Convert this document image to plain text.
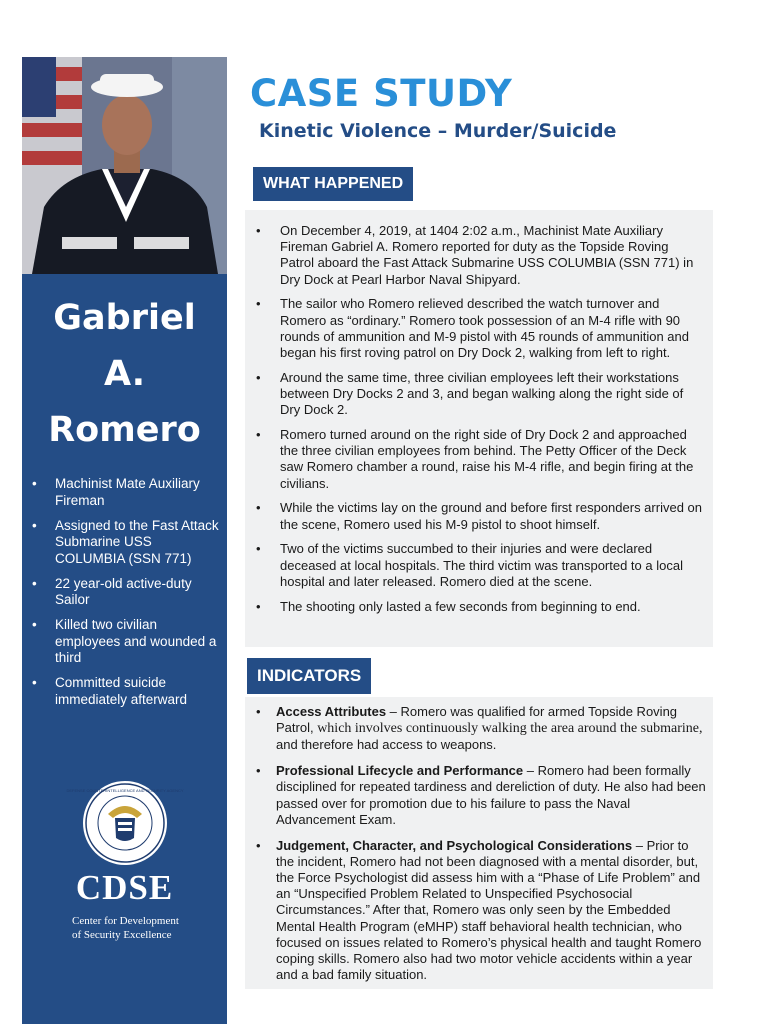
Gabriel
A.
Romero
• Machinist Mate Auxiliary Fireman
• Assigned to the Fast Attack Submarine USS COLUMBIA (SSN 771)
• 22 year-old active-duty Sailor
• Killed two civilian employees and wounded a third
• Committed suicide immediately afterward
DEFENSE COUNTERINTELLIGENCE AND SECURITY AGENCY
CDSE
Center for Development
of Security Excellence
CASE STUDY
Kinetic Violence – Murder/Suicide
WHAT HAPPENED
• On December 4, 2019, at 1404 2:02 a.m., Machinist Mate Auxiliary Fireman Gabriel A. Romero reported for duty as the Topside Roving Patrol aboard the Fast Attack Submarine USS COLUMBIA (SSN 771) in Dry Dock at Pearl Harbor Naval Shipyard.
• The sailor who Romero relieved described the watch turnover and Romero as “ordinary.” Romero took possession of an M-4 rifle with 90 rounds of ammunition and M-9 pistol with 45 rounds of ammunition and began his first roving patrol on Dry Dock 2, walking from left to right.
• Around the same time, three civilian employees left their workstations between Dry Docks 2 and 3, and began walking along the right side of Dry Dock 2.
• Romero turned around on the right side of Dry Dock 2 and approached the three civilian employees from behind. The Petty Officer of the Deck saw Romero chamber a round, raise his M-4 rifle, and begin firing at the civilians.
• While the victims lay on the ground and before first responders arrived on the scene, Romero used his M-9 pistol to shoot himself.
• Two of the victims succumbed to their injuries and were declared deceased at local hospitals. The third victim was transported to a local hospital and later released. Romero died at the scene.
• The shooting only lasted a few seconds from beginning to end.
INDICATORS
• Access Attributes – Romero was qualified for armed Topside Roving Patrol, which involves continuously walking the area around the submarine, and therefore had access to weapons.
• Professional Lifecycle and Performance – Romero had been formally disciplined for repeated tardiness and dereliction of duty. He also had been passed over for promotion due to his failure to pass the Naval Advancement Exam.
• Judgement, Character, and Psychological Considerations – Prior to the incident, Romero had not been diagnosed with a mental disorder, but, the Force Psychologist did assess him with a “Phase of Life Problem” and an “Unspecified Problem Related to Unspecified Psychosocial Circumstances.” After that, Romero was only seen by the Embedded Mental Health Program (eMHP) staff behavioral health technician, who focused on issues related to Romero’s physical health and taught Romero coping skills. Romero also had two motor vehicle accidents within a year and a bad family situation.
